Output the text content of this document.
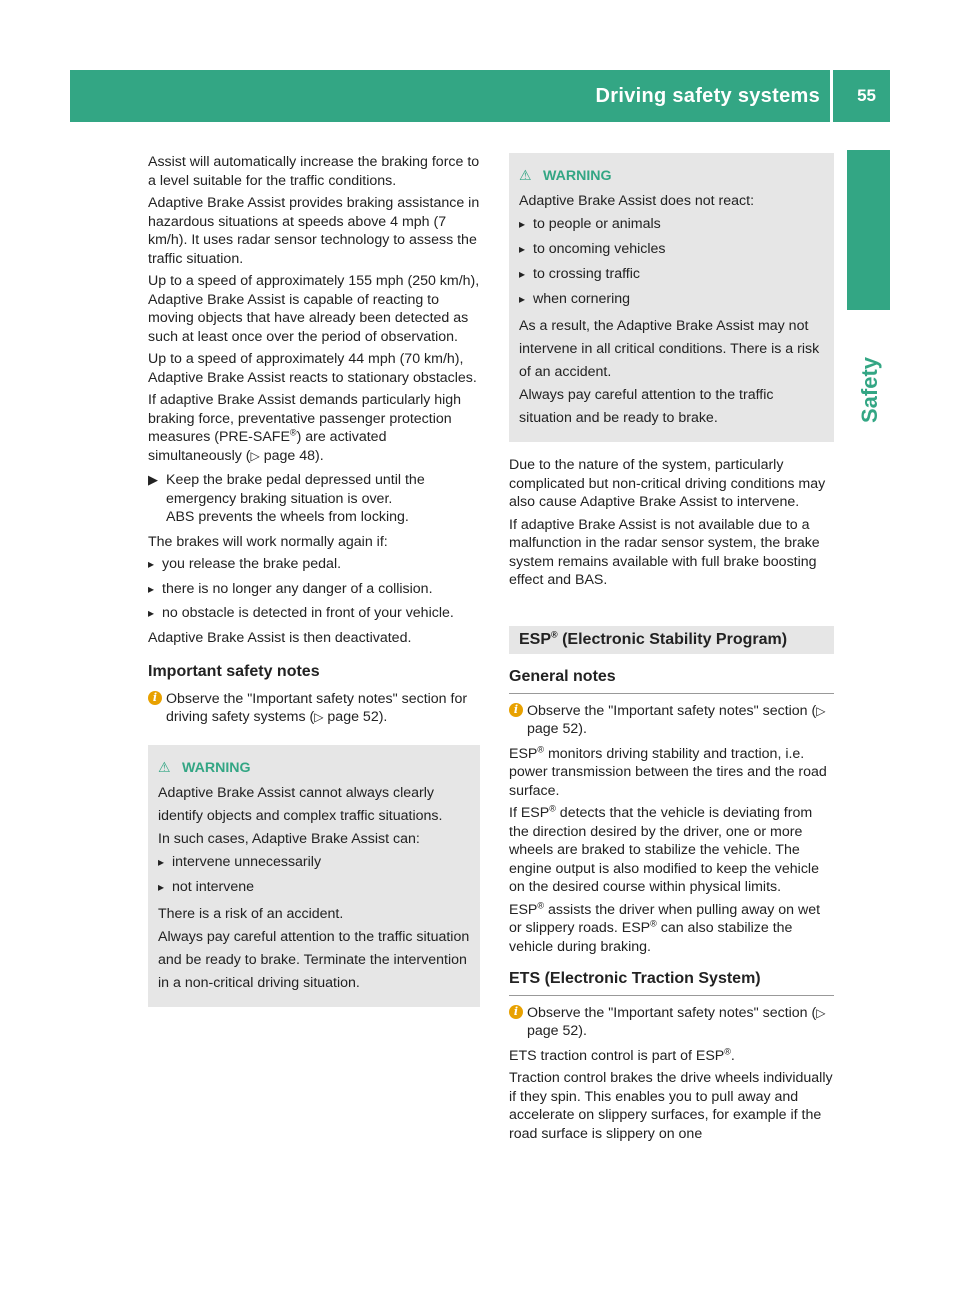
Driving safety systems 55
Safety

Assist will automatically increase the braking force to a level suitable for the traffic conditions.

Adaptive Brake Assist provides braking assistance in hazardous situations at speeds above 4 mph (7 km/h). It uses radar sensor technology to assess the traffic situation.

Up to a speed of approximately 155 mph (250 km/h), Adaptive Brake Assist is capable of reacting to moving objects that have already been detected as such at least once over the period of observation.

Up to a speed of approximately 44 mph (70 km/h), Adaptive Brake Assist reacts to stationary obstacles.

If adaptive Brake Assist demands particularly high braking force, preventative passenger protection measures (PRE-SAFE®) are activated simultaneously (▷ page 48).

▶ Keep the brake pedal depressed until the emergency braking situation is over.
ABS prevents the wheels from locking.

The brakes will work normally again if:

▸ you release the brake pedal.
▸ there is no longer any danger of a collision.
▸ no obstacle is detected in front of your vehicle.

Adaptive Brake Assist is then deactivated.

Important safety notes
i Observe the "Important safety notes" section for driving safety systems (▷ page 52).
⚠ WARNING

Adaptive Brake Assist cannot always clearly identify objects and complex traffic situations.

In such cases, Adaptive Brake Assist can:

▸ intervene unnecessarily
▸ not intervene

There is a risk of an accident.

Always pay careful attention to the traffic situation and be ready to brake. Terminate the intervention in a non-critical driving situation.

⚠ WARNING

Adaptive Brake Assist does not react:

▸ to people or animals
▸ to oncoming vehicles
▸ to crossing traffic
▸ when cornering

As a result, the Adaptive Brake Assist may not intervene in all critical conditions. There is a risk of an accident.

Always pay careful attention to the traffic situation and be ready to brake.

Due to the nature of the system, particularly complicated but non-critical driving conditions may also cause Adaptive Brake Assist to intervene.

If adaptive Brake Assist is not available due to a malfunction in the radar sensor system, the brake system remains available with full brake boosting effect and BAS.

ESP® (Electronic Stability Program)
General notes
i Observe the "Important safety notes" section (▷ page 52).

ESP® monitors driving stability and traction, i.e. power transmission between the tires and the road surface.

If ESP® detects that the vehicle is deviating from the direction desired by the driver, one or more wheels are braked to stabilize the vehicle. The engine output is also modified to keep the vehicle on the desired course within physical limits.

ESP® assists the driver when pulling away on wet or slippery roads. ESP® can also stabilize the vehicle during braking.

ETS (Electronic Traction System)
i Observe the "Important safety notes" section (▷ page 52).

ETS traction control is part of ESP®.

Traction control brakes the drive wheels individually if they spin. This enables you to pull away and accelerate on slippery surfaces, for example if the road surface is slippery on one
